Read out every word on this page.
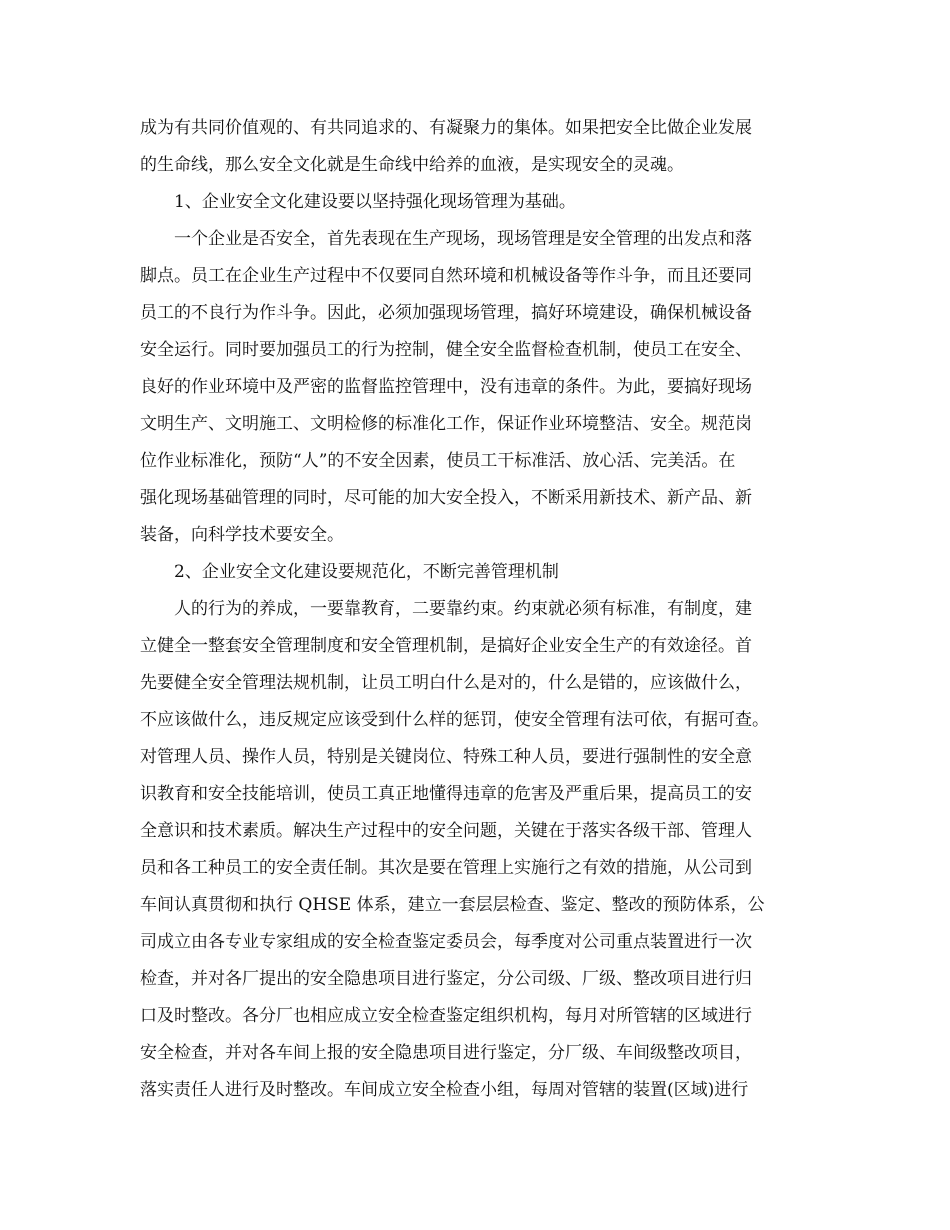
成为有共同价值观的、有共同追求的、有凝聚力的集体。如果把安全比做企业发展
的生命线，那么安全文化就是生命线中给养的血液，是实现安全的灵魂。
1、企业安全文化建设要以坚持强化现场管理为基础。
一个企业是否安全，首先表现在生产现场，现场管理是安全管理的出发点和落
脚点。员工在企业生产过程中不仅要同自然环境和机械设备等作斗争，而且还要同
员工的不良行为作斗争。因此，必须加强现场管理，搞好环境建设，确保机械设备
安全运行。同时要加强员工的行为控制，健全安全监督检查机制，使员工在安全、
良好的作业环境中及严密的监督监控管理中，没有违章的条件。为此，要搞好现场
文明生产、文明施工、文明检修的标准化工作，保证作业环境整洁、安全。规范岗
位作业标准化，预防“人”的不安全因素，使员工干标准活、放心活、完美活。在
强化现场基础管理的同时，尽可能的加大安全投入，不断采用新技术、新产品、新
装备，向科学技术要安全。
2、企业安全文化建设要规范化，不断完善管理机制
人的行为的养成，一要靠教育，二要靠约束。约束就必须有标准，有制度，建
立健全一整套安全管理制度和安全管理机制，是搞好企业安全生产的有效途径。首
先要健全安全管理法规机制，让员工明白什么是对的，什么是错的，应该做什么，
不应该做什么，违反规定应该受到什么样的惩罚，使安全管理有法可依，有据可查。
对管理人员、操作人员，特别是关键岗位、特殊工种人员，要进行强制性的安全意
识教育和安全技能培训，使员工真正地懂得违章的危害及严重后果，提高员工的安
全意识和技术素质。解决生产过程中的安全问题，关键在于落实各级干部、管理人
员和各工种员工的安全责任制。其次是要在管理上实施行之有效的措施，从公司到
车间认真贯彻和执行 QHSE 体系，建立一套层层检查、鉴定、整改的预防体系，公
司成立由各专业专家组成的安全检查鉴定委员会，每季度对公司重点装置进行一次
检查，并对各厂提出的安全隐患项目进行鉴定，分公司级、厂级、整改项目进行归
口及时整改。各分厂也相应成立安全检查鉴定组织机构，每月对所管辖的区域进行
安全检查，并对各车间上报的安全隐患项目进行鉴定，分厂级、车间级整改项目，
落实责任人进行及时整改。车间成立安全检查小组，每周对管辖的装置(区域)进行
